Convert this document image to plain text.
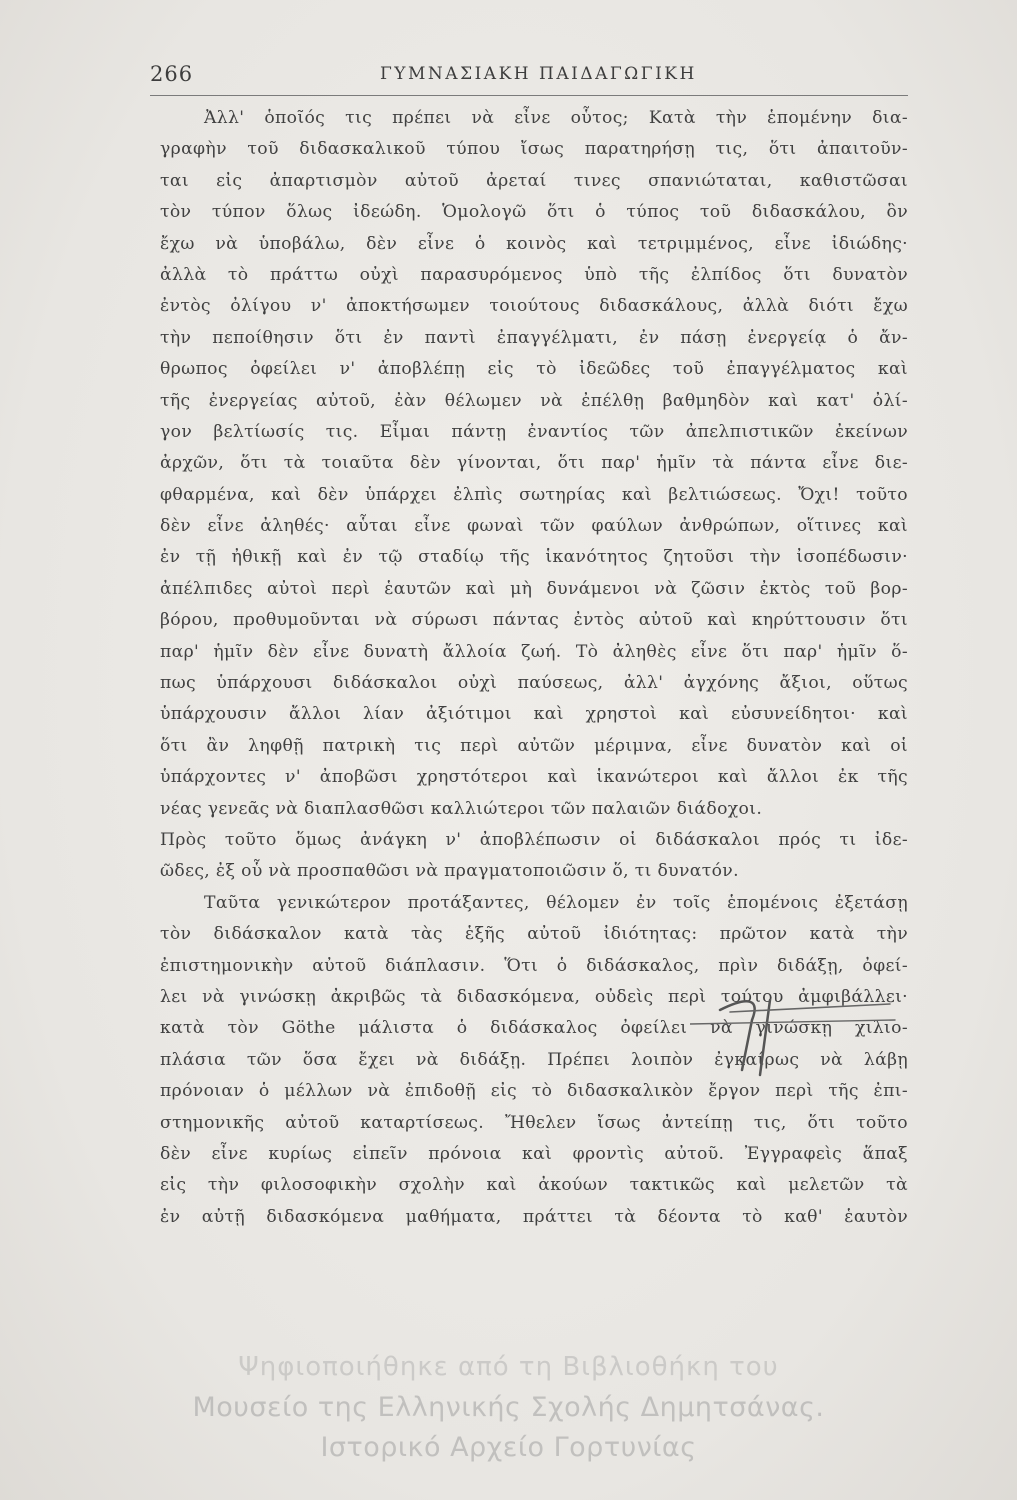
266	ΓΥΜΝΑΣΙΑΚΗ ΠΑΙΔΑΓΩΓΙΚΗ
Ἀλλ' ὁποῖός τις πρέπει νὰ εἶνε οὗτος; Κατὰ τὴν ἑπομένην δια-
γραφὴν τοῦ διδασκαλικοῦ τύπου ἴσως παρατηρήσῃ τις, ὅτι ἀπαιτοῦν-
ται εἰς ἀπαρτισμὸν αὐτοῦ ἀρεταί τινες σπανιώταται, καθιστῶσαι
τὸν τύπον ὅλως ἰδεώδη. Ὁμολογῶ ὅτι ὁ τύπος τοῦ διδασκάλου, ὃν
ἔχω νὰ ὑποβάλω, δὲν εἶνε ὁ κοινὸς καὶ τετριμμένος, εἶνε ἰδιώδης·
ἀλλὰ τὸ πράττω οὐχὶ παρασυρόμενος ὑπὸ τῆς ἐλπίδος ὅτι δυνατὸν
ἐντὸς ὀλίγου ν' ἀποκτήσωμεν τοιούτους διδασκάλους, ἀλλὰ διότι ἔχω
τὴν πεποίθησιν ὅτι ἐν παντὶ ἐπαγγέλματι, ἐν πάσῃ ἐνεργείᾳ ὁ ἄν-
θρωπος ὀφείλει ν' ἀποβλέπῃ εἰς τὸ ἰδεῶδες τοῦ ἐπαγγέλματος καὶ
τῆς ἐνεργείας αὐτοῦ, ἐὰν θέλωμεν νὰ ἐπέλθῃ βαθμηδὸν καὶ κατ' ὀλί-
γον βελτίωσίς τις. Εἶμαι πάντῃ ἐναντίος τῶν ἀπελπιστικῶν ἐκείνων
ἀρχῶν, ὅτι τὰ τοιαῦτα δὲν γίνονται, ὅτι παρ' ἡμῖν τὰ πάντα εἶνε διε-
φθαρμένα, καὶ δὲν ὑπάρχει ἐλπὶς σωτηρίας καὶ βελτιώσεως. Ὄχι! τοῦτο
δὲν εἶνε ἀληθές· αὗται εἶνε φωναὶ τῶν φαύλων ἀνθρώπων, οἵτινες καὶ
ἐν τῇ ἠθικῇ καὶ ἐν τῷ σταδίῳ τῆς ἱκανότητος ζητοῦσι τὴν ἰσοπέδωσιν·
ἀπέλπιδες αὐτοὶ περὶ ἑαυτῶν καὶ μὴ δυνάμενοι νὰ ζῶσιν ἐκτὸς τοῦ βορ-
βόρου, προθυμοῦνται νὰ σύρωσι πάντας ἐντὸς αὐτοῦ καὶ κηρύττουσιν ὅτι
παρ' ἡμῖν δὲν εἶνε δυνατὴ ἄλλοία ζωή. Τὸ ἀληθὲς εἶνε ὅτι παρ' ἡμῖν ὅ-
πως ὑπάρχουσι διδάσκαλοι οὐχὶ παύσεως, ἀλλ' ἀγχόνης ἄξιοι, οὕτως
ὑπάρχουσιν ἄλλοι λίαν ἀξιότιμοι καὶ χρηστοὶ καὶ εὐσυνείδητοι· καὶ
ὅτι ἂν ληφθῇ πατρικὴ τις περὶ αὐτῶν μέριμνα, εἶνε δυνατὸν καὶ οἱ
ὑπάρχοντες ν' ἀποβῶσι χρηστότεροι καὶ ἱκανώτεροι καὶ ἄλλοι ἐκ τῆς
νέας γενεᾶς νὰ διαπλασθῶσι καλλιώτεροι τῶν παλαιῶν διάδοχοι.
Πρὸς τοῦτο ὅμως ἀνάγκη ν' ἀποβλέπωσιν οἱ διδάσκαλοι πρός τι ἰδε-
ῶδες, ἐξ οὗ νὰ προσπαθῶσι νὰ πραγματοποιῶσιν ὅ, τι δυνατόν.
Ταῦτα γενικώτερον προτάξαντες, θέλομεν ἐν τοῖς ἑπομένοις ἐξετάσῃ
τὸν διδάσκαλον κατὰ τὰς ἑξῆς αὐτοῦ ἰδιότητας: πρῶτον κατὰ τὴν
ἐπιστημονικὴν αὐτοῦ διάπλασιν. Ὅτι ὁ διδάσκαλος, πρὶν διδάξῃ, ὀφεί-
λει νὰ γινώσκῃ ἀκριβῶς τὰ διδασκόμενα, οὐδεὶς περὶ τούτου ἀμφιβάλλει·
κατὰ τὸν Göthe μάλιστα ὁ διδάσκαλος ὀφείλει νὰ γινώσκῃ χιλιο-
πλάσια τῶν ὅσα ἔχει νὰ διδάξῃ. Πρέπει λοιπὸν ἐγκαίρως νὰ λάβῃ
πρόνοιαν ὁ μέλλων νὰ ἐπιδοθῇ εἰς τὸ διδασκαλικὸν ἔργον περὶ τῆς ἐπι-
στημονικῆς αὐτοῦ καταρτίσεως. Ἤθελεν ἴσως ἀντείπῃ τις, ὅτι τοῦτο
δὲν εἶνε κυρίως εἰπεῖν πρόνοια καὶ φροντὶς αὐτοῦ. Ἐγγραφεὶς ἅπαξ
εἰς τὴν φιλοσοφικὴν σχολὴν καὶ ἀκούων τακτικῶς καὶ μελετῶν τὰ
ἐν αὐτῇ διδασκόμενα μαθήματα, πράττει τὰ δέοντα τὸ καθ' ἑαυτὸν
Ψηφιοποιήθηκε από τη Βιβλιοθήκη του
Μουσείο της Ελληνικής Σχολής Δημητσάνας.
Ιστορικό Αρχείο Γορτυνίας
